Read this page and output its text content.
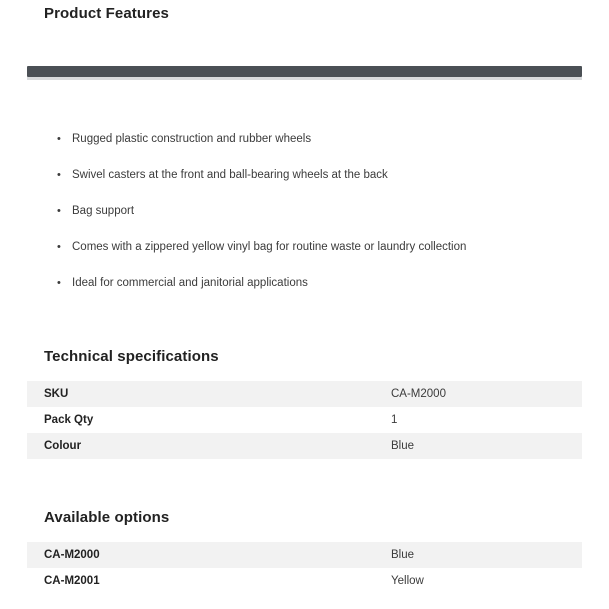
Product Features
• Rugged plastic construction and rubber wheels
• Swivel casters at the front and ball-bearing wheels at the back
• Bag support
• Comes with a zippered yellow vinyl bag for routine waste or laundry collection
• Ideal for commercial and janitorial applications
Technical specifications
SKU	CA-M2000
Pack Qty	1
Colour	Blue
Available options
CA-M2000	Blue
CA-M2001	Yellow
